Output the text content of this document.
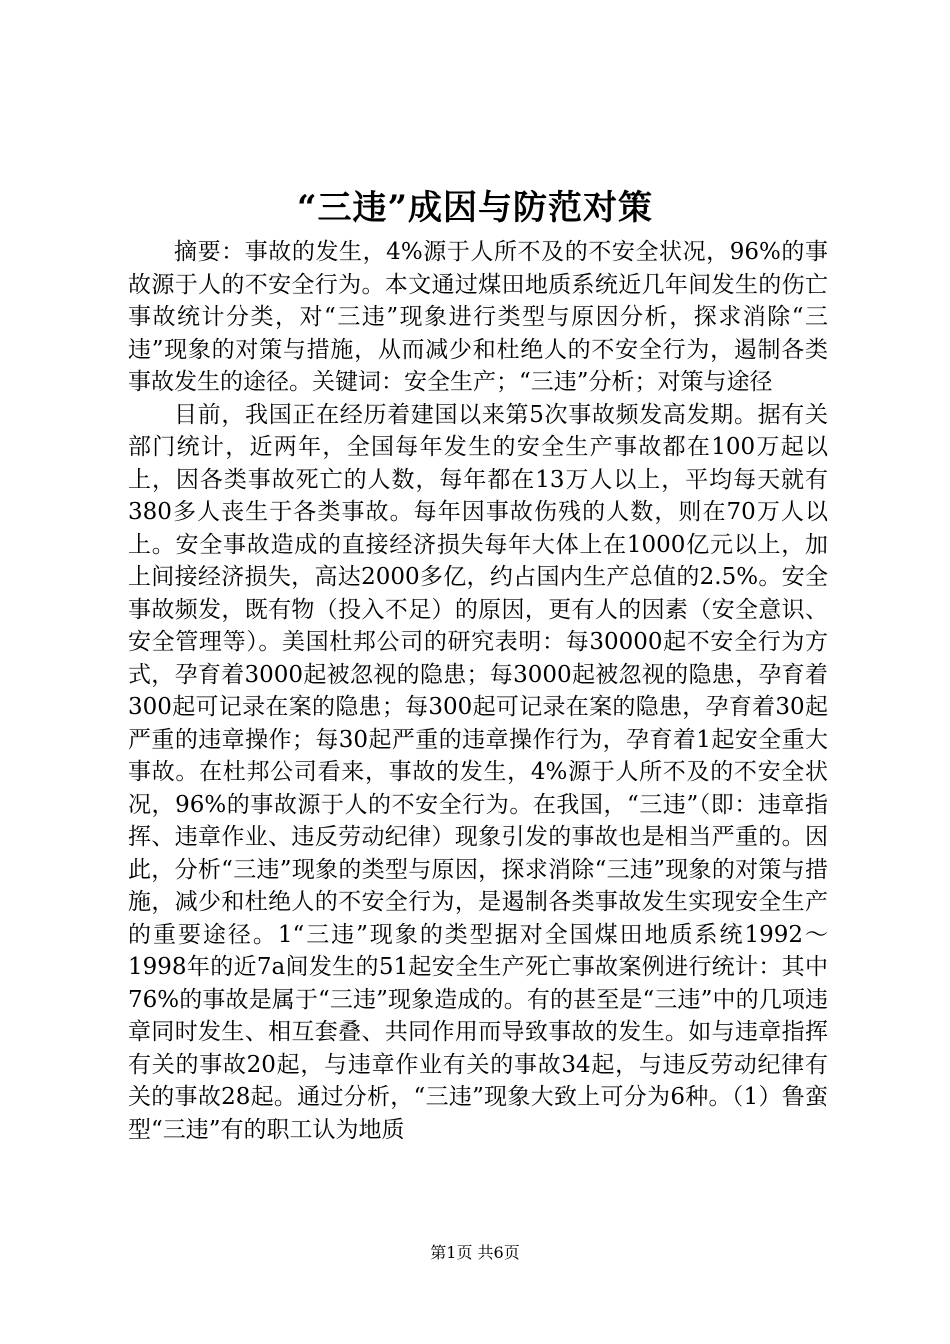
“三违”成因与防范对策

摘要：事故的发生，4%源于人所不及的不安全状况，96%的事故源于人的不安全行为。本文通过煤田地质系统近几年间发生的伤亡事故统计分类，对“三违”现象进行类型与原因分析，探求消除“三违”现象的对策与措施，从而减少和杜绝人的不安全行为，遏制各类事故发生的途径。关键词：安全生产；“三违”分析；对策与途径

目前，我国正在经历着建国以来第5次事故频发高发期。据有关部门统计，近两年，全国每年发生的安全生产事故都在100万起以上，因各类事故死亡的人数，每年都在13万人以上，平均每天就有380多人丧生于各类事故。每年因事故伤残的人数，则在70万人以上。安全事故造成的直接经济损失每年大体上在1000亿元以上，加上间接经济损失，高达2000多亿，约占国内生产总值的2.5%。安全事故频发，既有物（投入不足）的原因，更有人的因素（安全意识、安全管理等）。美国杜邦公司的研究表明：每30000起不安全行为方式，孕育着3000起被忽视的隐患；每3000起被忽视的隐患，孕育着300起可记录在案的隐患；每300起可记录在案的隐患，孕育着30起严重的违章操作；每30起严重的违章操作行为，孕育着1起安全重大事故。在杜邦公司看来，事故的发生，4%源于人所不及的不安全状况，96%的事故源于人的不安全行为。在我国，“三违”（即：违章指挥、违章作业、违反劳动纪律）现象引发的事故也是相当严重的。因此，分析“三违”现象的类型与原因，探求消除“三违”现象的对策与措施，减少和杜绝人的不安全行为，是遏制各类事故发生实现安全生产的重要途径。1“三违”现象的类型据对全国煤田地质系统1992～1998年的近7a间发生的51起安全生产死亡事故案例进行统计：其中76%的事故是属于“三违”现象造成的。有的甚至是“三违”中的几项违章同时发生、相互套叠、共同作用而导致事故的发生。如与违章指挥有关的事故20起，与违章作业有关的事故34起，与违反劳动纪律有关的事故28起。通过分析，“三违”现象大致上可分为6种。（1）鲁蛮型“三违”有的职工认为地质

第1页 共6页
